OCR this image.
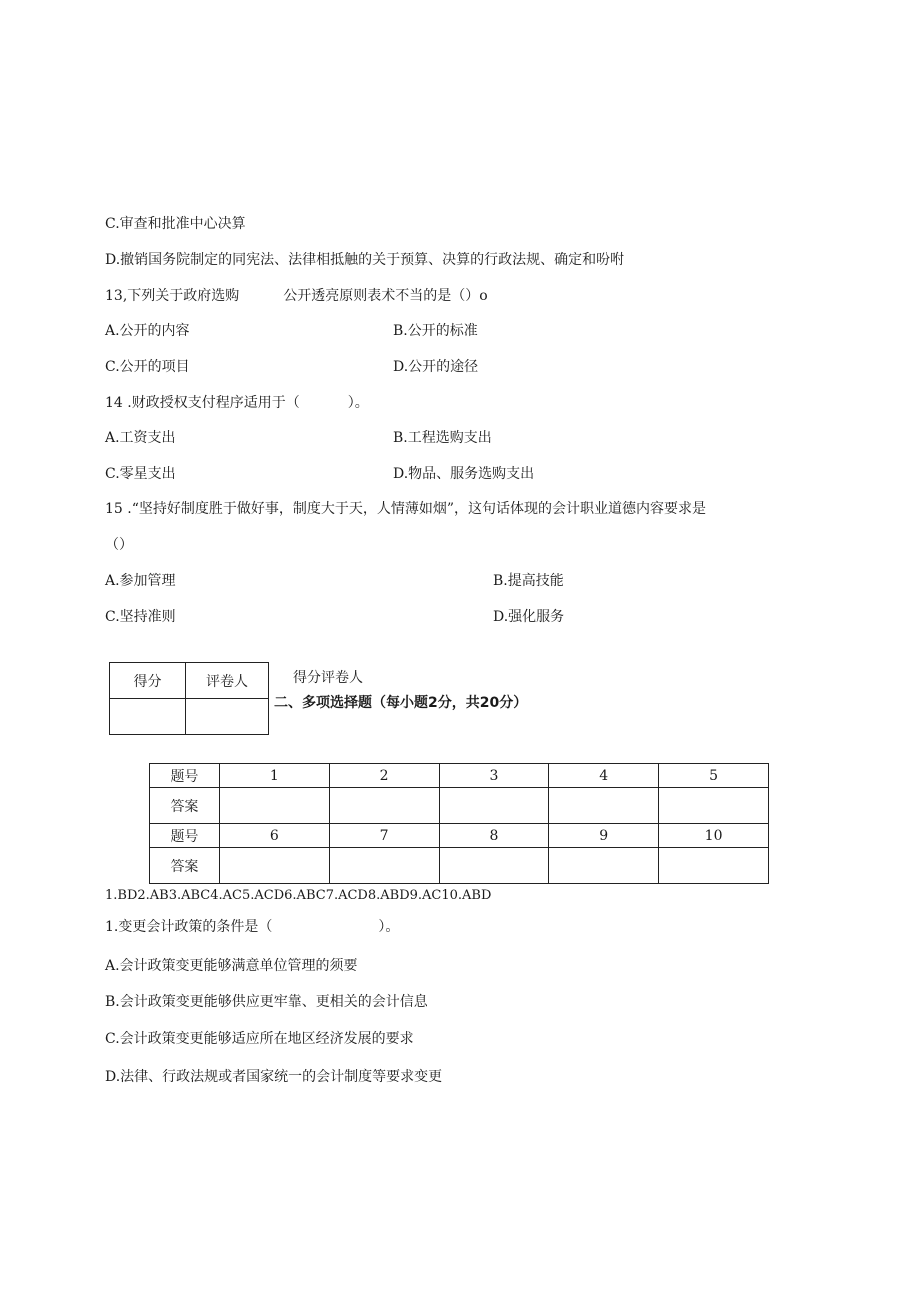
C.审查和批准中心决算
D.撤销国务院制定的同宪法、法律相抵触的关于预算、决算的行政法规、确定和吩咐
13,下列关于政府选购	公开透亮原则表术不当的是（）o
A.公开的内容	B.公开的标准
C.公开的项目	D.公开的途径
14 .财政授权支付程序适用于（	）。
A.工资支出	B.工程选购支出
C.零星支出	D.物品、服务选购支出
15 .“坚持好制度胜于做好事，制度大于天，人情薄如烟”，这句话体现的会计职业道德内容要求是
（）
A.参加管理	B.提高技能
C.坚持准则	D.强化服务
得分	评卷人
		得分评卷人
二、多项选择题（每小题2分，共20分）
题号	1	2	3	4	5
答案					
题号	6	7	8	9	10
答案					
1.BD2.AB3.ABC4.AC5.ACD6.ABC7.ACD8.ABD9.AC10.ABD
1.变更会计政策的条件是（	）。
A.会计政策变更能够满意单位管理的须要
B.会计政策变更能够供应更牢靠、更相关的会计信息
C.会计政策变更能够适应所在地区经济发展的要求
D.法律、行政法规或者国家统一的会计制度等要求变更
